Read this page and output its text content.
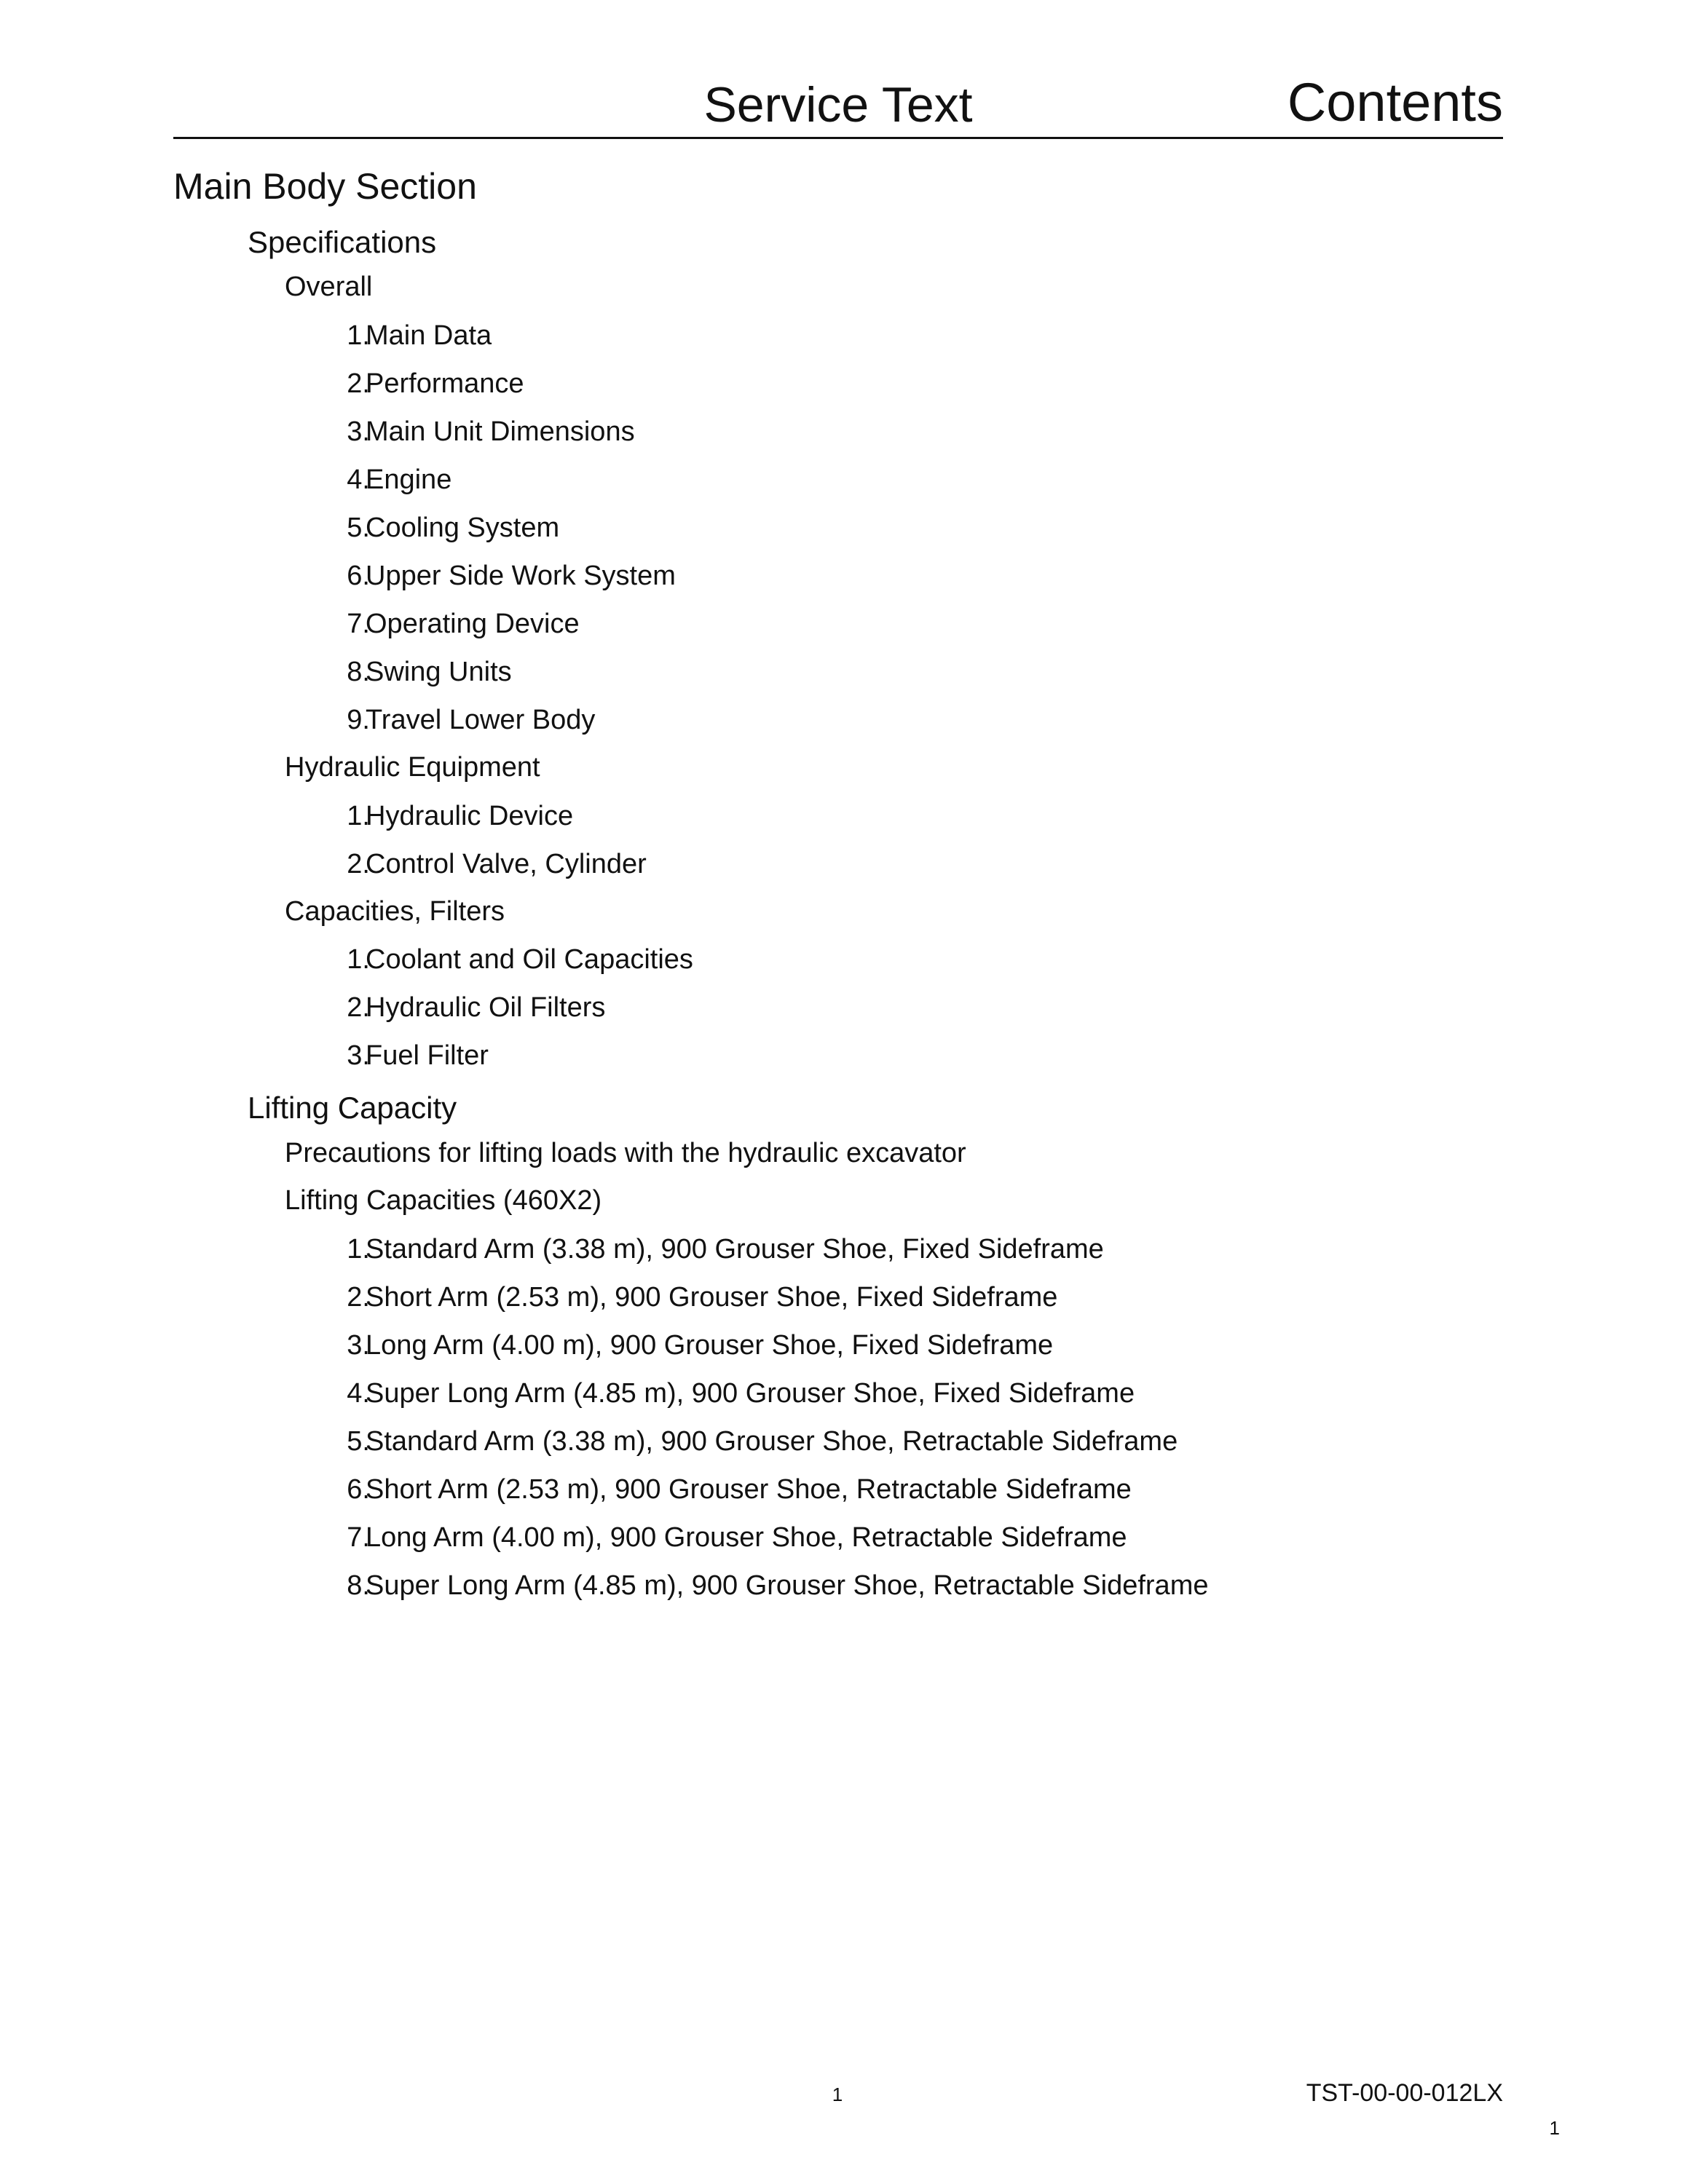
Service Text	Contents
Main Body Section
Specifications
Overall
1.
Main Data
2.
Performance
3.
Main Unit Dimensions
4.
Engine
5.
Cooling System
6.
Upper Side Work System
7.
Operating Device
8.
Swing Units
9.
Travel Lower Body
Hydraulic Equipment
1.
Hydraulic Device
2.
Control Valve, Cylinder
Capacities, Filters
1.
Coolant and Oil Capacities
2.
Hydraulic Oil Filters
3.
Fuel Filter
Lifting Capacity
Precautions for lifting loads with the hydraulic excavator
Lifting Capacities (460X2)
1.
Standard Arm (3.38 m), 900 Grouser Shoe, Fixed Sideframe
2.
Short Arm (2.53 m), 900 Grouser Shoe, Fixed Sideframe
3.
Long Arm (4.00 m), 900 Grouser Shoe, Fixed Sideframe
4.
Super Long Arm (4.85 m), 900 Grouser Shoe, Fixed Sideframe
5.
Standard Arm (3.38 m), 900 Grouser Shoe, Retractable Sideframe
6.
Short Arm (2.53 m), 900 Grouser Shoe, Retractable Sideframe
7.
Long Arm (4.00 m), 900 Grouser Shoe, Retractable Sideframe
8.
Super Long Arm (4.85 m), 900 Grouser Shoe, Retractable Sideframe
1	TST-00-00-012LX
1
